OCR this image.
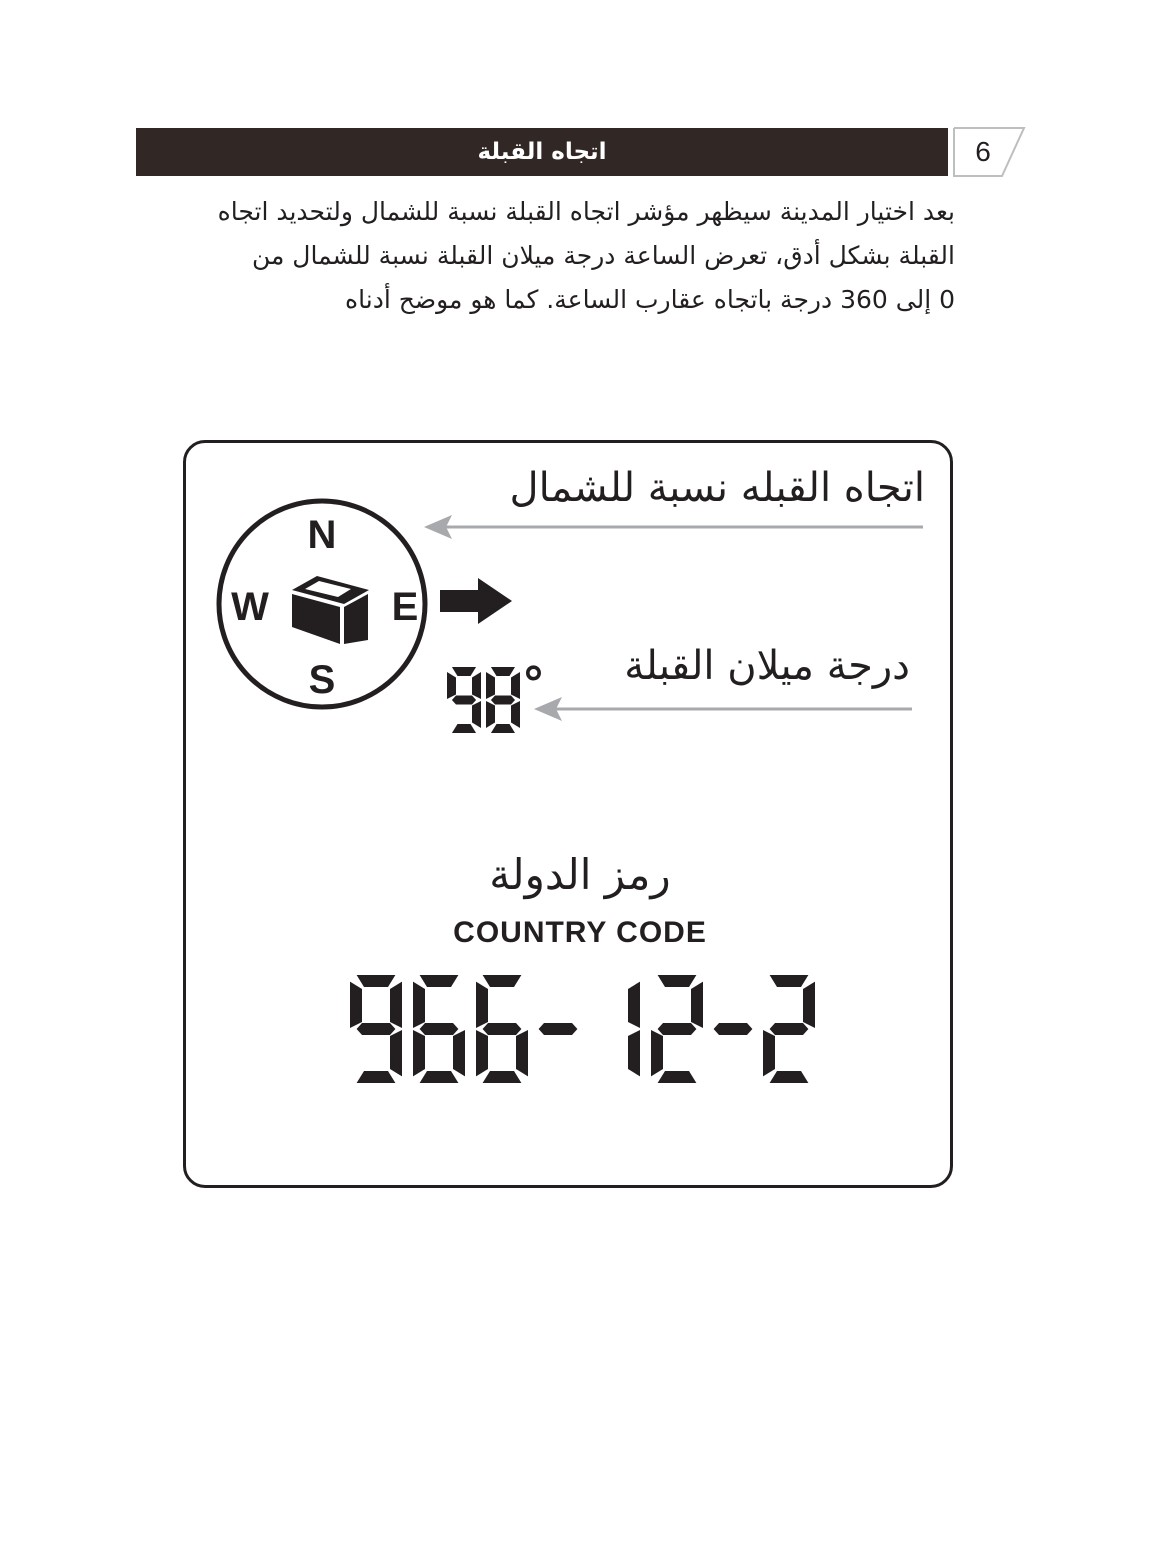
اتجاه القبلة	6
بعد اختيار المدينة سيظهر مؤشر اتجاه القبلة نسبة للشمال ولتحديد اتجاه
القبلة بشكل أدق، تعرض الساعة درجة ميلان القبلة نسبة للشمال من
0 إلى 360 درجة باتجاه عقارب الساعة. كما هو موضح أدناه
N
E
S
W
°
اتجاه القبله نسبة للشمال
درجة ميلان القبلة
رمز الدولة
COUNTRY CODE
